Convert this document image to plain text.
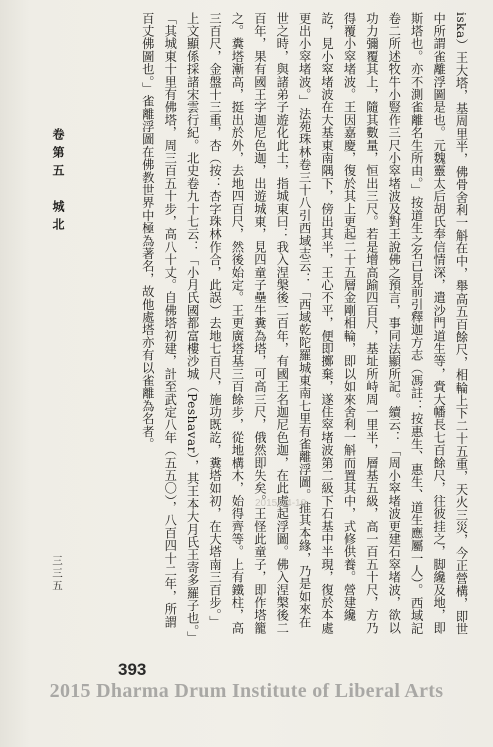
iska）王大塔，基周里半，佛骨舍利一斛在中，舉高五百餘尺，相輪上下二十五重，天火三災，今正營構，即世中所謂雀離浮圖是也。元魏靈太后胡氏奉信情深，遣沙門道生等，賫大幡長七百餘尺，往彼挂之，脚纔及地，即斯塔也。亦不測雀離名生所由。」按道生之名已見前引釋迦方志（馮註：按惠生、惠生、道生應屬一人）。西域記卷二所述牧牛小豎作三尺小窣堵波及對王說佛之預言，事同法顯所記。續云：「周小窣堵波更建石窣堵波，欲以功力彌覆其上，隨其數量，恒出三尺。若是增高踰四百尺，基址所峙周一里半，層基五級，高一百五十尺，方乃得覆小窣堵波。王因嘉慶，復於其上更起二十五層金剛相輪，即以如來舍利一斛而置其中，式修供養。營建纔訖，見小窣堵波在大基東南隅下，傍出其半，王心不平，便即擲棄，遂住窣堵波第二級下石基中半現，復於本處更出小窣堵波。」法苑珠林卷三十八引西域志云：「西域乾陀羅城東南七里有雀離浮圖。推其本緣，乃是如來在世之時，與諸弟子遊化此土，指城東曰：我入涅槃後二百年，有國王名迦尼色迦，在此處起浮圖。佛入涅槃後二百年，果有國王字迦尼色迦，出遊城東，見四童子壘牛糞為塔，可高三尺，俄然即失矣。王怪此童子，即作塔籠之。糞塔漸高，挺出於外，去地四百尺，然後始定。王更廣塔基三百餘步，從地構木，始得齊等。上有鐵柱，高三百尺，金盤十三重，杏（按：杏字珠林作合，此誤）去地七百尺，施功既訖，糞塔如初，在大塔南三百步。」上文顯係採諸宋雲行紀。北史卷九十七云：「小月氏國都富樓沙城（Peshavar），其王本大月氏王寄多羅子也。」「其城東十里有佛塔，周三百五十步，高八十丈。自佛塔初建，計至武定八年（五五〇），八百四十二年，所謂百丈佛圖也。」雀離浮圖在佛教世界中極為著名，故他處塔亦有以雀離為名者。

卷第五　城北
三三五
2015-04-10
393
2015 Dharma Drum Institute of Liberal Arts
